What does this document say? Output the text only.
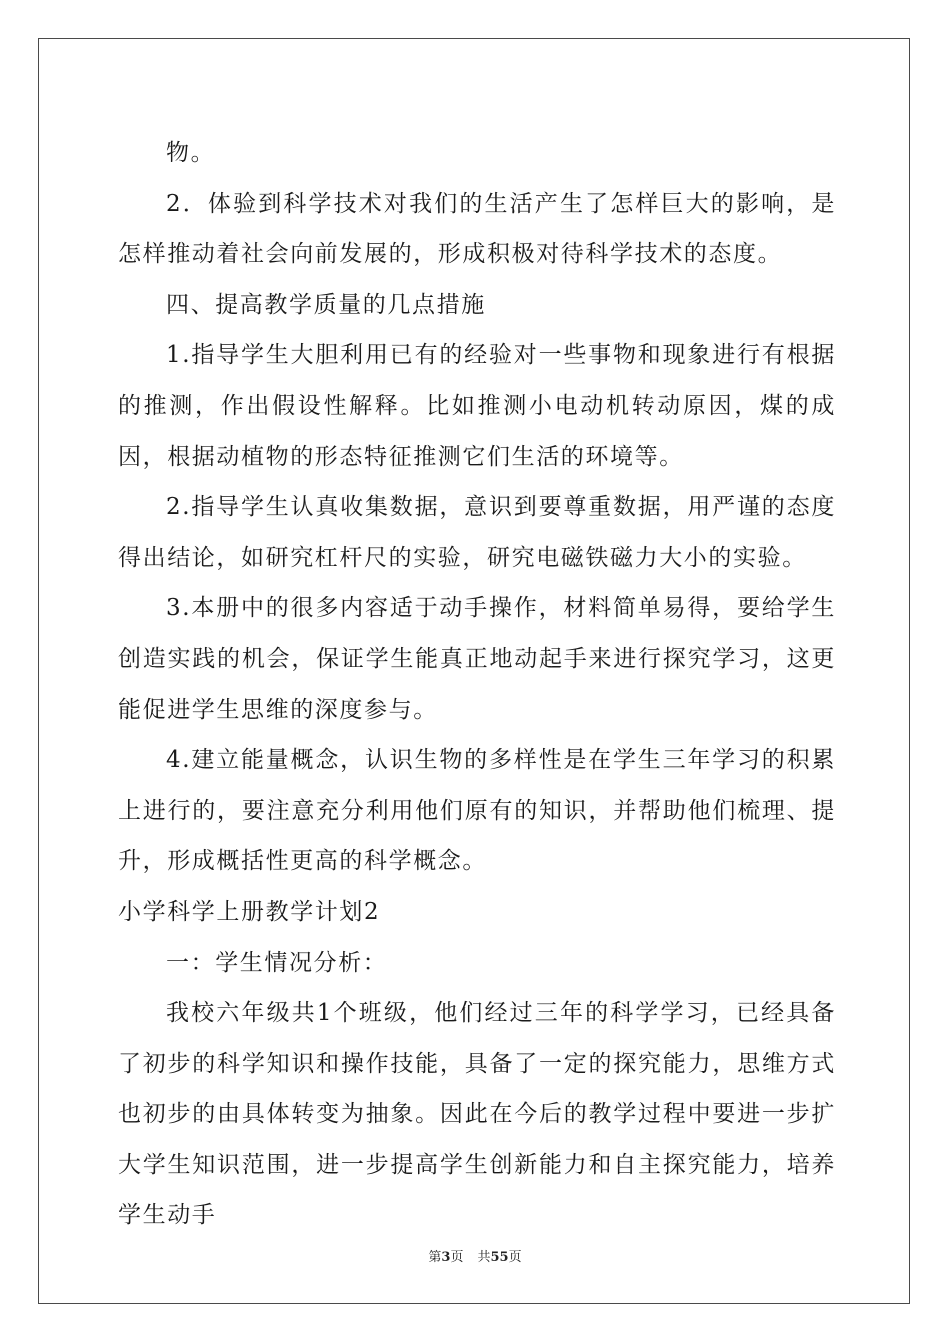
物。

2．体验到科学技术对我们的生活产生了怎样巨大的影响，是怎样推动着社会向前发展的，形成积极对待科学技术的态度。

四、提高教学质量的几点措施

1.指导学生大胆利用已有的经验对一些事物和现象进行有根据的推测，作出假设性解释。比如推测小电动机转动原因，煤的成因，根据动植物的形态特征推测它们生活的环境等。

2.指导学生认真收集数据，意识到要尊重数据，用严谨的态度得出结论，如研究杠杆尺的实验，研究电磁铁磁力大小的实验。

3.本册中的很多内容适于动手操作，材料简单易得，要给学生创造实践的机会，保证学生能真正地动起手来进行探究学习，这更能促进学生思维的深度参与。

4.建立能量概念，认识生物的多样性是在学生三年学习的积累上进行的，要注意充分利用他们原有的知识，并帮助他们梳理、提升，形成概括性更高的科学概念。

小学科学上册教学计划2

一：学生情况分析：

我校六年级共1个班级，他们经过三年的科学学习，已经具备了初步的科学知识和操作技能，具备了一定的探究能力，思维方式也初步的由具体转变为抽象。因此在今后的教学过程中要进一步扩大学生知识范围，进一步提高学生创新能力和自主探究能力，培养学生动手

第3页 共55页
